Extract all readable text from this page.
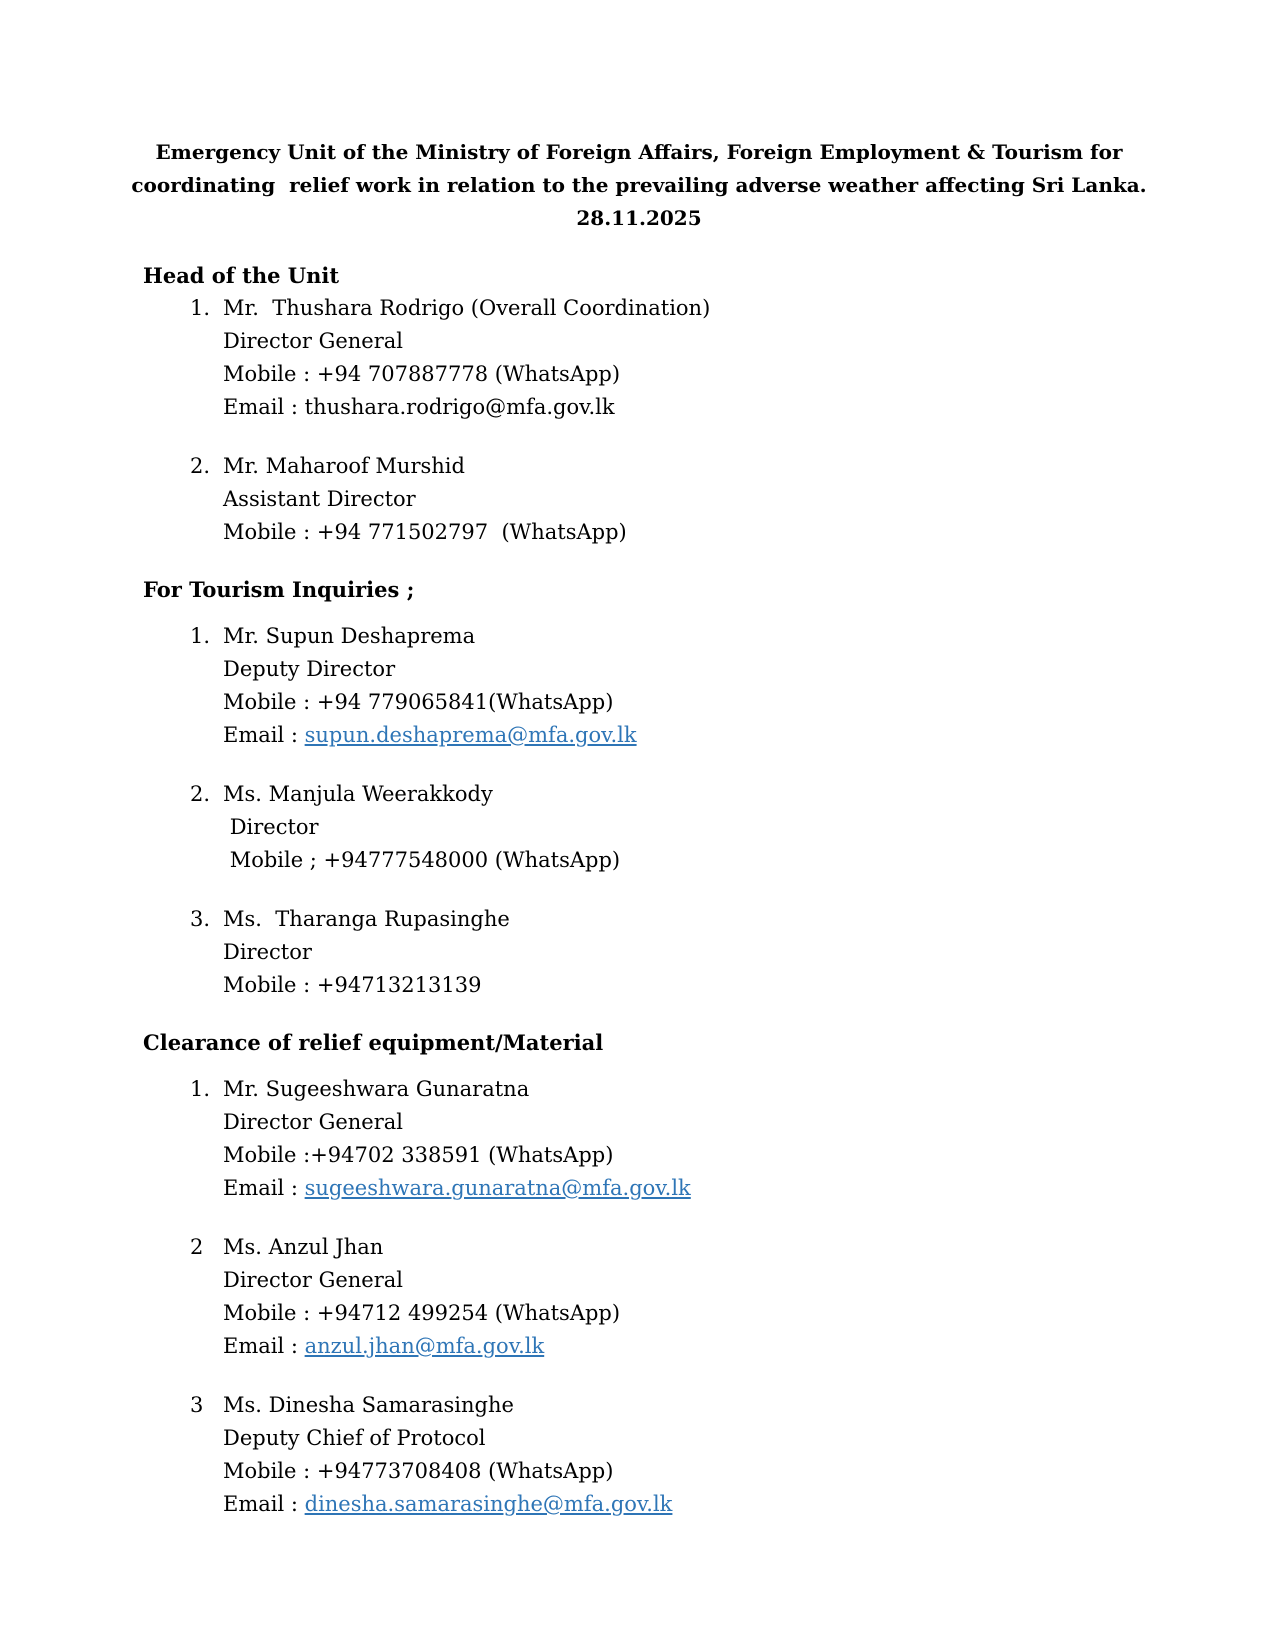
Emergency Unit of the Ministry of Foreign Affairs, Foreign Employment & Tourism for
coordinating  relief work in relation to the prevailing adverse weather affecting Sri Lanka.
28.11.2025
Head of the Unit
1. Mr.  Thushara Rodrigo (Overall Coordination)
Director General
Mobile : +94 707887778 (WhatsApp)
Email : thushara.rodrigo@mfa.gov.lk
2. Mr. Maharoof Murshid
Assistant Director
Mobile : +94 771502797  (WhatsApp)
For Tourism Inquiries ;
1. Mr. Supun Deshaprema
Deputy Director
Mobile : +94 779065841(WhatsApp)
Email : supun.deshaprema@mfa.gov.lk
2. Ms. Manjula Weerakkody
Director
Mobile ; +94777548000 (WhatsApp)
3. Ms.  Tharanga Rupasinghe
Director
Mobile : +94713213139
Clearance of relief equipment/Material
1. Mr. Sugeeshwara Gunaratna
Director General
Mobile :+94702 338591 (WhatsApp)
Email : sugeeshwara.gunaratna@mfa.gov.lk
2 Ms. Anzul Jhan
Director General
Mobile : +94712 499254 (WhatsApp)
Email : anzul.jhan@mfa.gov.lk
3 Ms. Dinesha Samarasinghe
Deputy Chief of Protocol
Mobile : +94773708408 (WhatsApp)
Email : dinesha.samarasinghe@mfa.gov.lk
